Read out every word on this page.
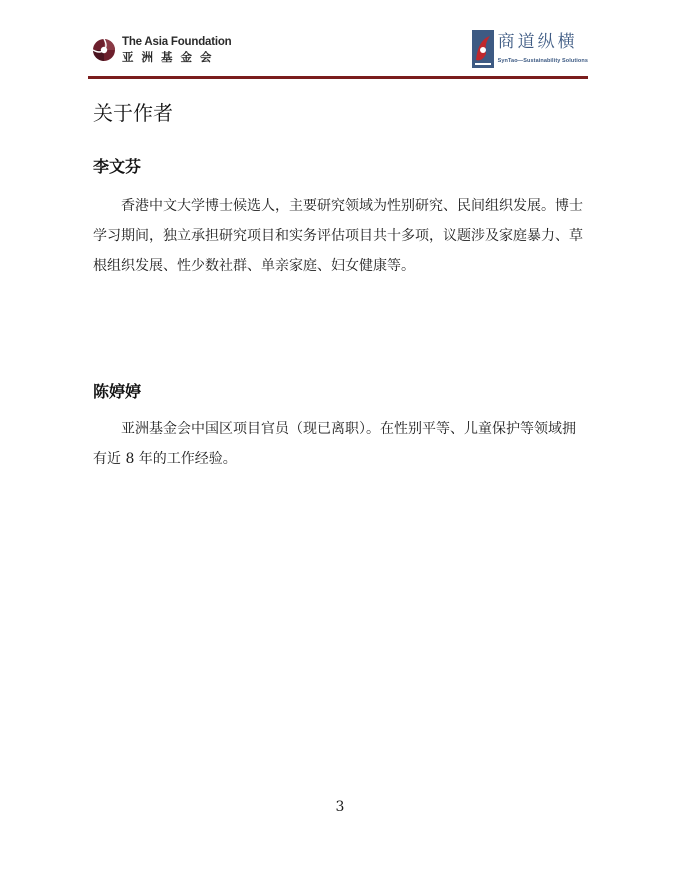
The Asia Foundation
亚洲基金会
商道纵横
SynTao—Sustainability Solutions
关于作者
李文芬

香港中文大学博士候选人，主要研究领域为性别研究、民间组织发展。博士学习期间，独立承担研究项目和实务评估项目共十多项，议题涉及家庭暴力、草根组织发展、性少数社群、单亲家庭、妇女健康等。

陈婷婷

亚洲基金会中国区项目官员（现已离职）。在性别平等、儿童保护等领域拥有近 8 年的工作经验。

3
